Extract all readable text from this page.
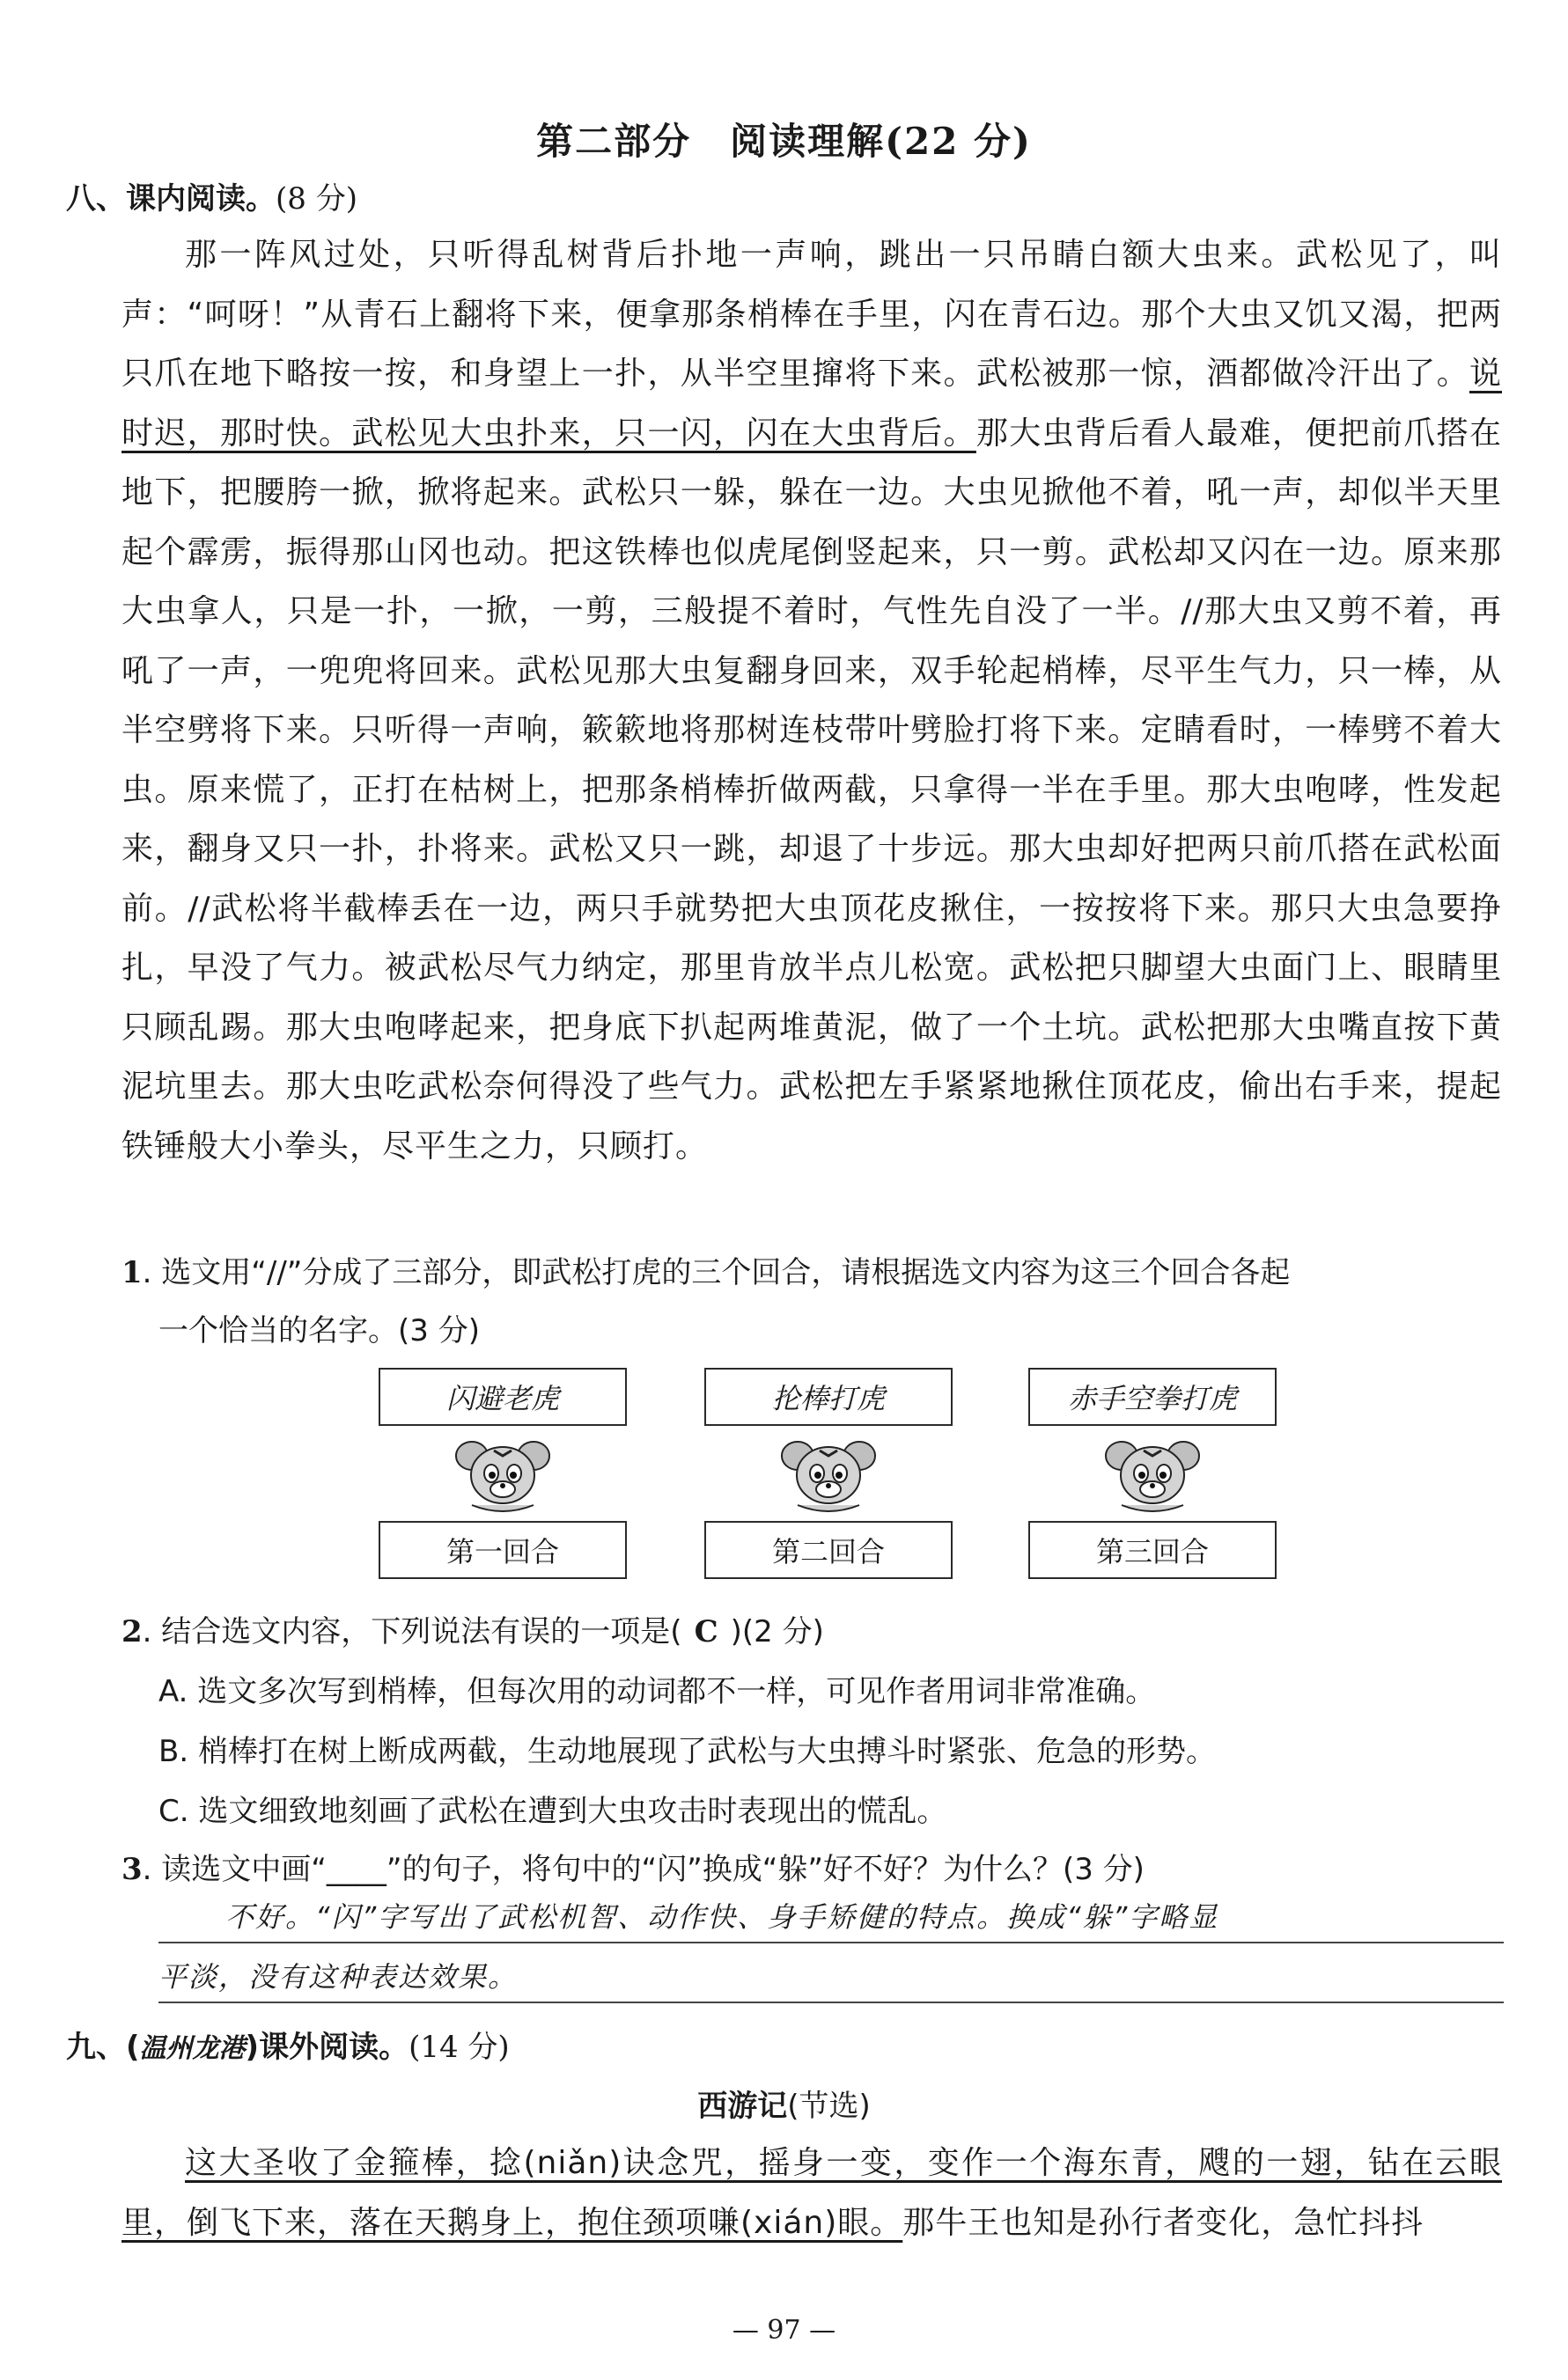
第二部分　阅读理解(22 分)
八、课内阅读。(8 分)

那一阵风过处，只听得乱树背后扑地一声响，跳出一只吊睛白额大虫来。武松见了，叫声：“呵呀！”从青石上翻将下来，便拿那条梢棒在手里，闪在青石边。那个大虫又饥又渴，把两只爪在地下略按一按，和身望上一扑，从半空里撺将下来。武松被那一惊，酒都做冷汗出了。说时迟，那时快。武松见大虫扑来，只一闪，闪在大虫背后。那大虫背后看人最难，便把前爪搭在地下，把腰胯一掀，掀将起来。武松只一躲，躲在一边。大虫见掀他不着，吼一声，却似半天里起个霹雳，振得那山冈也动。把这铁棒也似虎尾倒竖起来，只一剪。武松却又闪在一边。原来那大虫拿人，只是一扑，一掀，一剪，三般提不着时，气性先自没了一半。//那大虫又剪不着，再吼了一声，一兜兜将回来。武松见那大虫复翻身回来，双手轮起梢棒，尽平生气力，只一棒，从半空劈将下来。只听得一声响，簌簌地将那树连枝带叶劈脸打将下来。定睛看时，一棒劈不着大虫。原来慌了，正打在枯树上，把那条梢棒折做两截，只拿得一半在手里。那大虫咆哮，性发起来，翻身又只一扑，扑将来。武松又只一跳，却退了十步远。那大虫却好把两只前爪搭在武松面前。//武松将半截棒丢在一边，两只手就势把大虫顶花皮揪住，一按按将下来。那只大虫急要挣扎，早没了气力。被武松尽气力纳定，那里肯放半点儿松宽。武松把只脚望大虫面门上、眼睛里只顾乱踢。那大虫咆哮起来，把身底下扒起两堆黄泥，做了一个土坑。武松把那大虫嘴直按下黄泥坑里去。那大虫吃武松奈何得没了些气力。武松把左手紧紧地揪住顶花皮，偷出右手来，提起铁锤般大小拳头，尽平生之力，只顾打。

1. 选文用“//”分成了三部分，即武松打虎的三个回合，请根据选文内容为这三个回合各起
一个恰当的名字。(3 分)
闪避老虎	抡棒打虎	赤手空拳打虎
第一回合	第二回合	第三回合
2. 结合选文内容，下列说法有误的一项是( C )(2 分)
A. 选文多次写到梢棒，但每次用的动词都不一样，可见作者用词非常准确。
B. 梢棒打在树上断成两截，生动地展现了武松与大虫搏斗时紧张、危急的形势。
C. 选文细致地刻画了武松在遭到大虫攻击时表现出的慌乱。
3. 读选文中画“____”的句子，将句中的“闪”换成“躲”好不好？为什么？(3 分)
不好。“闪”字写出了武松机智、动作快、身手矫健的特点。换成“躲”字略显
平淡，没有这种表达效果。
九、(温州龙港)课外阅读。(14 分)
西游记(节选)

这大圣收了金箍棒，捻(niǎn)诀念咒，摇身一变，变作一个海东青，飕的一翅，钻在云眼里，倒飞下来，落在天鹅身上，抱住颈项嗛(xián)眼。那牛王也知是孙行者变化，急忙抖抖

— 97 —
